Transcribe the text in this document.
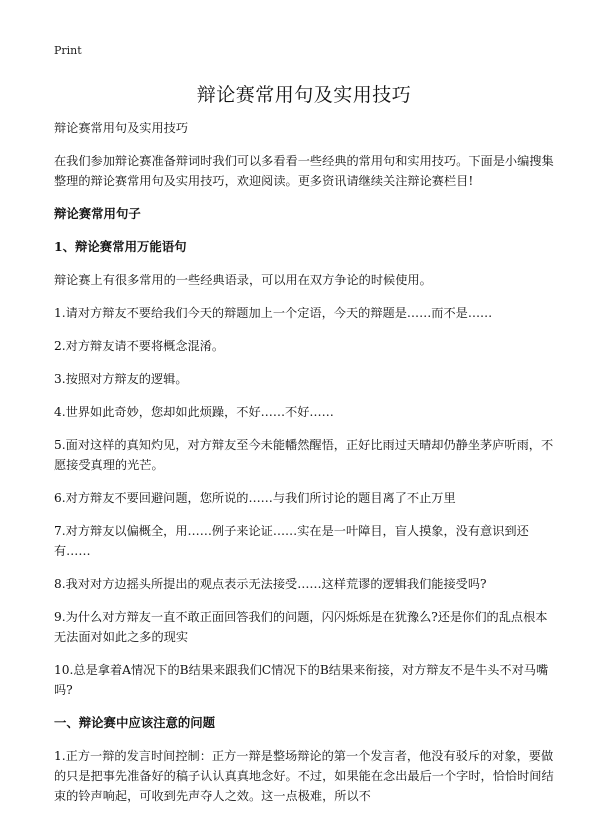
Print
辩论赛常用句及实用技巧

辩论赛常用句及实用技巧

在我们参加辩论赛准备辩词时我们可以多看看一些经典的常用句和实用技巧。下面是小编搜集整理的辩论赛常用句及实用技巧，欢迎阅读。更多资讯请继续关注辩论赛栏目!

辩论赛常用句子

1、辩论赛常用万能语句

辩论赛上有很多常用的一些经典语录，可以用在双方争论的时候使用。

1.请对方辩友不要给我们今天的辩题加上一个定语，今天的辩题是……而不是……

2.对方辩友请不要将概念混淆。

3.按照对方辩友的逻辑。

4.世界如此奇妙，您却如此烦躁，不好……不好……

5.面对这样的真知灼见，对方辩友至今未能幡然醒悟，正好比雨过天晴却仍静坐茅庐听雨，不愿接受真理的光芒。

6.对方辩友不要回避问题，您所说的……与我们所讨论的题目离了不止万里

7.对方辩友以偏概全，用……例子来论证……实在是一叶障目，盲人摸象，没有意识到还有……

8.我对对方边摇头所提出的观点表示无法接受……这样荒谬的逻辑我们能接受吗?

9.为什么对方辩友一直不敢正面回答我们的问题，闪闪烁烁是在犹豫么?还是你们的乱点根本无法面对如此之多的现实

10.总是拿着A情况下的B结果来跟我们C情况下的B结果来衔接，对方辩友不是牛头不对马嘴吗?

一、辩论赛中应该注意的问题

1.正方一辩的发言时间控制：正方一辩是整场辩论的第一个发言者，他没有驳斥的对象，要做的只是把事先准备好的稿子认认真真地念好。不过，如果能在念出最后一个字时，恰恰时间结束的铃声响起，可收到先声夺人之效。这一点极难，所以不
